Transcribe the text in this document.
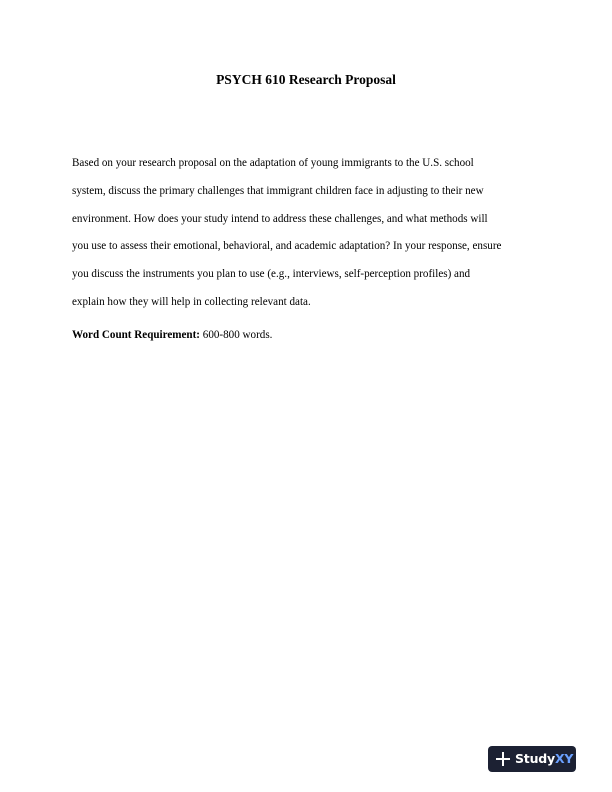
PSYCH 610 Research Proposal
Based on your research proposal on the adaptation of young immigrants to the U.S. school
system, discuss the primary challenges that immigrant children face in adjusting to their new
environment. How does your study intend to address these challenges, and what methods will
you use to assess their emotional, behavioral, and academic adaptation? In your response, ensure
you discuss the instruments you plan to use (e.g., interviews, self-perception profiles) and
explain how they will help in collecting relevant data.
Word Count Requirement: 600-800 words.
StudyXY
